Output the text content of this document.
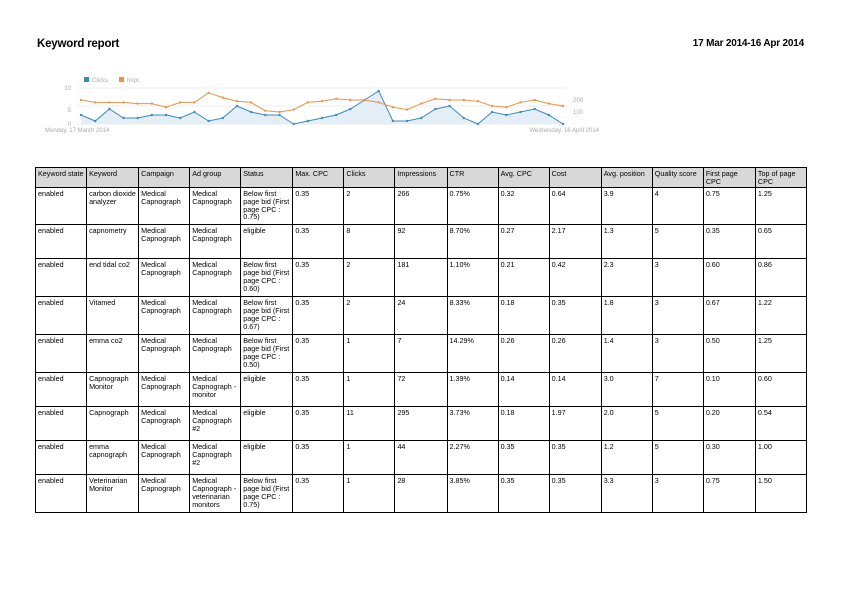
Keyword report	17 Mar 2014-16 Apr 2014
0
5
10
100
200
Clicks	Impr.
Monday, 17 March 2014	Wednesday, 16 April 2014
Keyword state	Keyword	Campaign	Ad group	Status	Max. CPC	Clicks	Impressions	CTR	Avg. CPC	Cost	Avg. position	Quality score	First page CPC	Top of page CPC
enabled	carbon dioxide analyzer	Medical Capnograph	Medical Capnograph	Below first page bid (First page CPC : 0.75)	0.35	2	266	0.75%	0.32	0.64	3.9	4	0.75	1.25
enabled	capnometry	Medical Capnograph	Medical Capnograph	eligible	0.35	8	92	8.70%	0.27	2.17	1.3	5	0.35	0.65
enabled	end tidal co2	Medical Capnograph	Medical Capnograph	Below first page bid (First page CPC : 0.60)	0.35	2	181	1.10%	0.21	0.42	2.3	3	0.60	0.86
enabled	Vitamed	Medical Capnograph	Medical Capnograph	Below first page bid (First page CPC : 0.67)	0.35	2	24	8.33%	0.18	0.35	1.8	3	0.67	1.22
enabled	emma co2	Medical Capnograph	Medical Capnograph	Below first page bid (First page CPC : 0.50)	0.35	1	7	14.29%	0.26	0.26	1.4	3	0.50	1.25
enabled	Capnograph Monitor	Medical Capnograph	Medical Capnograph - monitor	eligible	0.35	1	72	1.39%	0.14	0.14	3.0	7	0.10	0.60
enabled	Capnograph	Medical Capnograph	Medical Capnograph #2	eligible	0.35	11	295	3.73%	0.18	1.97	2.0	5	0.20	0.54
enabled	emma capnograph	Medical Capnograph	Medical Capnograph #2	eligible	0.35	1	44	2.27%	0.35	0.35	1.2	5	0.30	1.00
enabled	Veterinarian Monitor	Medical Capnograph	Medical Capnograph - veterinarian monitors	Below first page bid (First page CPC : 0.75)	0.35	1	28	3.85%	0.35	0.35	3.3	3	0.75	1.50
